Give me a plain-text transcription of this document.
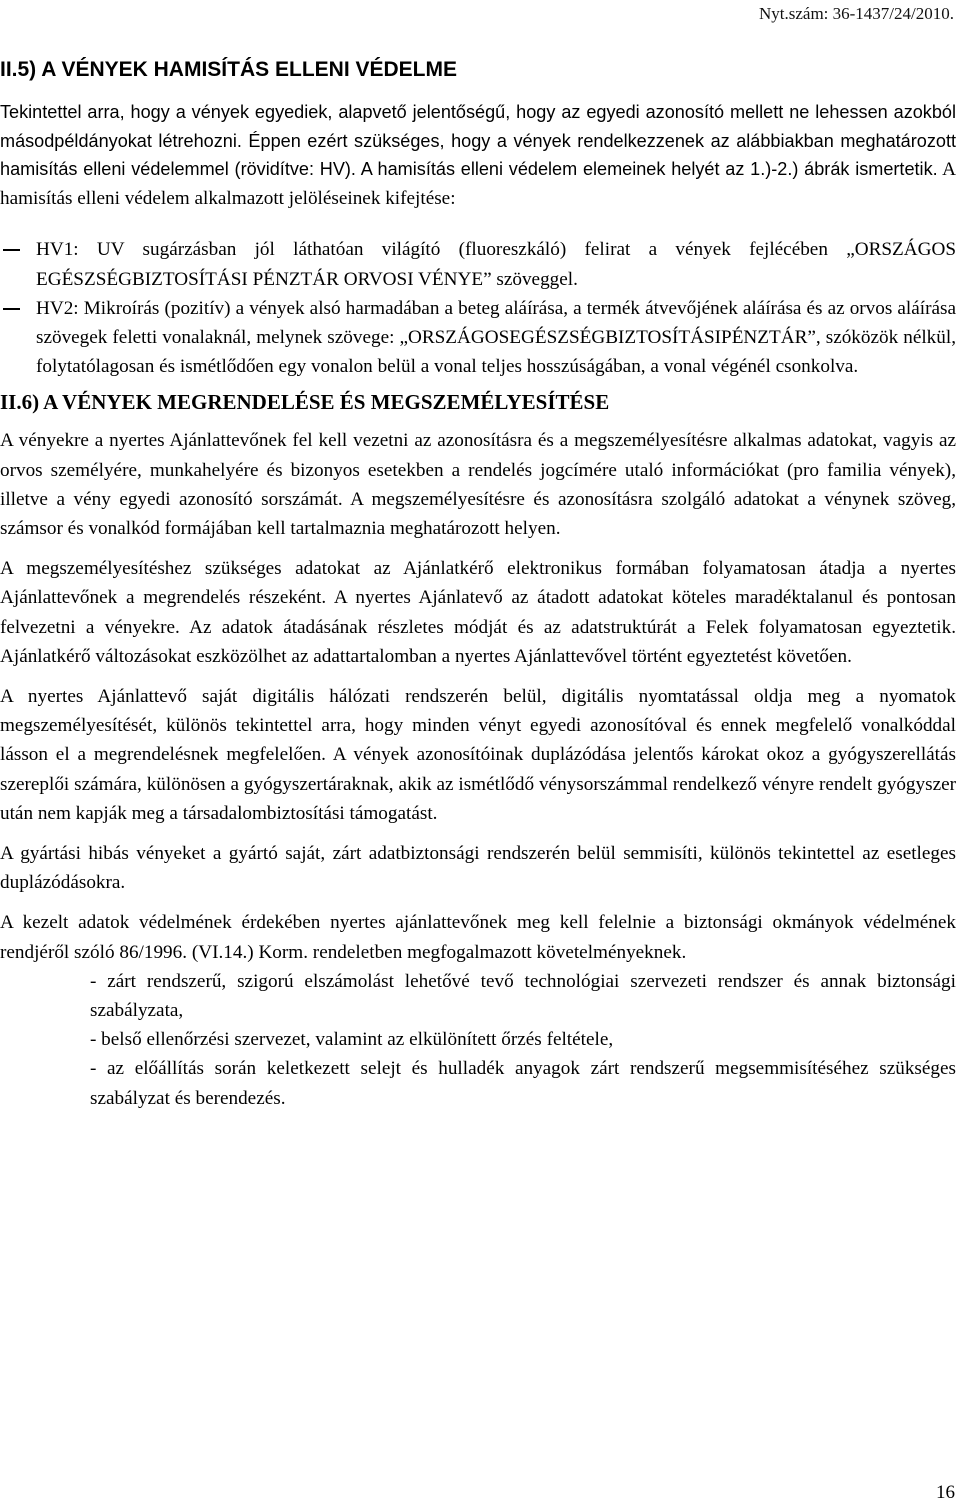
Nyt.szám: 36-1437/24/2010.
II.5) A VÉNYEK HAMISÍTÁS ELLENI VÉDELME

Tekintettel arra, hogy a vények egyediek, alapvető jelentőségű, hogy az egyedi azonosító mellett ne lehessen azokból másodpéldányokat létrehozni. Éppen ezért szükséges, hogy a vények rendelkezzenek az alábbiakban meghatározott hamisítás elleni védelemmel (rövidítve: HV). A hamisítás elleni védelem elemeinek helyét az 1.)-2.) ábrák ismertetik. A hamisítás elleni védelem alkalmazott jelöléseinek kifejtése:

HV1: UV sugárzásban jól láthatóan világító (fluoreszkáló) felirat a vények fejlécében „ORSZÁGOS EGÉSZSÉGBIZTOSÍTÁSI PÉNZTÁR ORVOSI VÉNYE” szöveggel.

HV2: Mikroírás (pozitív) a vények alsó harmadában a beteg aláírása, a termék átvevőjének aláírása és az orvos aláírása szövegek feletti vonalaknál, melynek szövege: „ORSZÁGOSEGÉSZSÉGBIZTOSÍTÁSIPÉNZTÁR”, szóközök nélkül, folytatólagosan és ismétlődően egy vonalon belül a vonal teljes hosszúságában, a vonal végénél csonkolva.

II.6) A VÉNYEK MEGRENDELÉSE ÉS MEGSZEMÉLYESÍTÉSE

A vényekre a nyertes Ajánlattevőnek fel kell vezetni az azonosításra és a megszemélyesítésre alkalmas adatokat, vagyis az orvos személyére, munkahelyére és bizonyos esetekben a rendelés jogcímére utaló információkat (pro familia vények), illetve a vény egyedi azonosító sorszámát. A megszemélyesítésre és azonosításra szolgáló adatokat a vénynek szöveg, számsor és vonalkód formájában kell tartalmaznia meghatározott helyen.

A megszemélyesítéshez szükséges adatokat az Ajánlatkérő elektronikus formában folyamatosan átadja a nyertes Ajánlattevőnek a megrendelés részeként. A nyertes Ajánlatevő az átadott adatokat köteles maradéktalanul és pontosan felvezetni a vényekre. Az adatok átadásának részletes módját és az adatstruktúrát a Felek folyamatosan egyeztetik. Ajánlatkérő változásokat eszközölhet az adattartalomban a nyertes Ajánlattevővel történt egyeztetést követően.

A nyertes Ajánlattevő saját digitális hálózati rendszerén belül, digitális nyomtatással oldja meg a nyomatok megszemélyesítését, különös tekintettel arra, hogy minden vényt egyedi azonosítóval és ennek megfelelő vonalkóddal lásson el a megrendelésnek megfelelően. A vények azonosítóinak duplázódása jelentős károkat okoz a gyógyszerellátás szereplői számára, különösen a gyógyszertáraknak, akik az ismétlődő vénysorszámmal rendelkező vényre rendelt gyógyszer után nem kapják meg a társadalombiztosítási támogatást.

A gyártási hibás vényeket a gyártó saját, zárt adatbiztonsági rendszerén belül semmisíti, különös tekintettel az esetleges duplázódásokra.

A kezelt adatok védelmének érdekében nyertes ajánlattevőnek meg kell felelnie a biztonsági okmányok védelmének rendjéről szóló 86/1996. (VI.14.) Korm. rendeletben megfogalmazott követelményeknek.

- zárt rendszerű, szigorú elszámolást lehetővé tevő technológiai szervezeti rendszer és annak biztonsági szabályzata,

- belső ellenőrzési szervezet, valamint az elkülönített őrzés feltétele,

- az előállítás során keletkezett selejt és hulladék anyagok zárt rendszerű megsemmisítéséhez szükséges szabályzat és berendezés.

16
